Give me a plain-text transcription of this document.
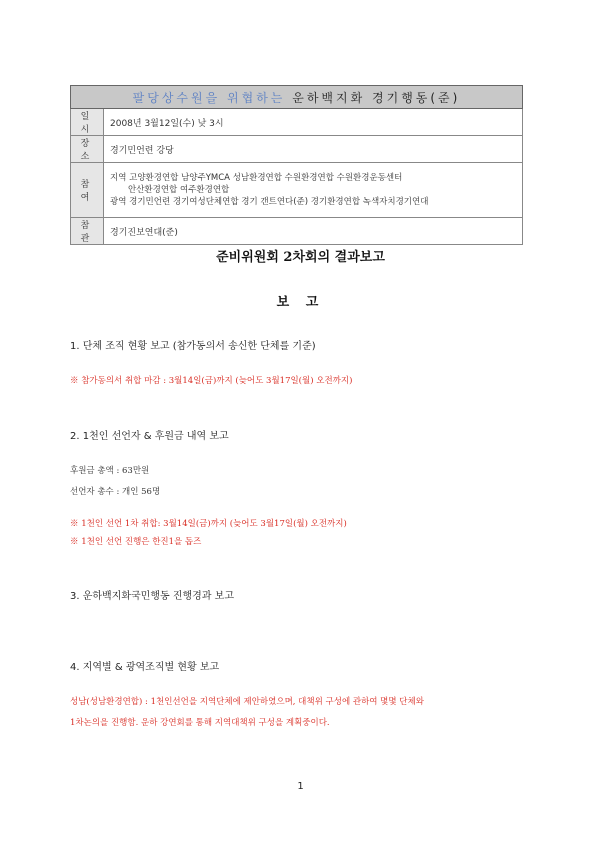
팔당상수원을 위협하는 운하백지화 경기행동(준)	
일 시	2008년 3월12일(수) 낮 3시
장 소	경기민언련 강당
참 여	지역 고양환경연합 남양주YMCA 성남환경연합 수원환경연합 수원환경운동센터
안산환경연합 여주환경연합
광역 경기민언련 경기여성단체연합 경기 갠트연다(준) 경기환경연합 녹색자치경기연대

참 관	경기진보연대(준)
준비위원회 2차회의 결과보고
보 고
1. 단체 조직 현황 보고 (참가동의서 송신한 단체를 기준)
※ 참가동의서 취합 마감 : 3월14일(금)까지 (늦어도 3월17일(월) 오전까지)
2. 1천인 선언자 & 후원금 내역 보고
후원금 총액 : 63만원
선언자 총수 : 개인 56명
※ 1천인 선언 1차 취합: 3월14일(금)까지 (늦어도 3월17일(월) 오전까지)
※ 1천인 선언 진행은 한진1을 돕즈
3. 운하백지화국민행동 진행경과 보고
4. 지역별 & 광역조직별 현황 보고
성남(성남환경연합) : 1천인선언을 지역단체에 제안하였으며, 대책위 구성에 관하여 몇몇 단체와
1차논의을 진행함. 운하 강연회를 통해 지역대책위 구성을 계획중이다.
1
